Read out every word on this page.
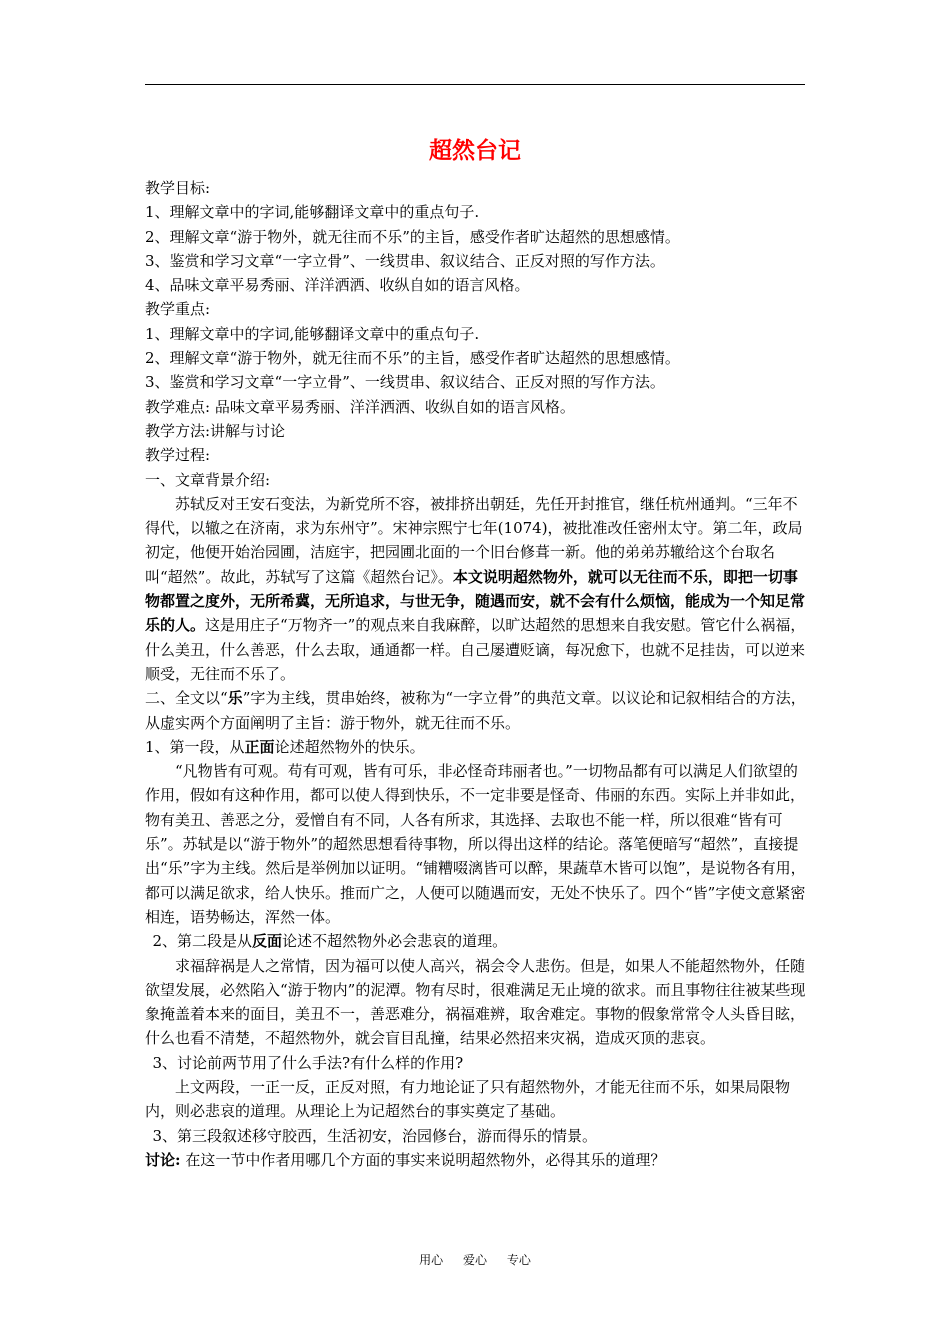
超然台记

教学目标:

1、理解文章中的字词,能够翻译文章中的重点句子.

2、理解文章“游于物外，就无往而不乐”的主旨，感受作者旷达超然的思想感情。

3、鉴赏和学习文章“一字立骨”、一线贯串、叙议结合、正反对照的写作方法。

4、品味文章平易秀丽、洋洋洒洒、收纵自如的语言风格。

教学重点:

1、理解文章中的字词,能够翻译文章中的重点句子.

2、理解文章“游于物外，就无往而不乐”的主旨，感受作者旷达超然的思想感情。

3、鉴赏和学习文章“一字立骨”、一线贯串、叙议结合、正反对照的写作方法。

教学难点: 品味文章平易秀丽、洋洋洒洒、收纵自如的语言风格。

教学方法:讲解与讨论

教学过程:

一、文章背景介绍:

苏轼反对王安石变法，为新党所不容，被排挤出朝廷，先任开封推官，继任杭州通判。“三年不得代，以辙之在济南，求为东州守”。宋神宗熙宁七年(1074)，被批准改任密州太守。第二年，政局初定，他便开始治园圃，洁庭宇，把园圃北面的一个旧台修葺一新。他的弟弟苏辙给这个台取名叫“超然”。故此，苏轼写了这篇《超然台记》。本文说明超然物外，就可以无往而不乐，即把一切事物都置之度外，无所希冀，无所追求，与世无争，随遇而安，就不会有什么烦恼，能成为一个知足常乐的人。这是用庄子“万物齐一”的观点来自我麻醉，以旷达超然的思想来自我安慰。管它什么祸福，什么美丑，什么善恶，什么去取，通通都一样。自己屡遭贬谪，每况愈下，也就不足挂齿，可以逆来顺受，无往而不乐了。

二、全文以“乐”字为主线，贯串始终，被称为“一字立骨”的典范文章。以议论和记叙相结合的方法，从虚实两个方面阐明了主旨：游于物外，就无往而不乐。

1、第一段，从正面论述超然物外的快乐。

“凡物皆有可观。苟有可观，皆有可乐，非必怪奇玮丽者也。”一切物品都有可以满足人们欲望的作用，假如有这种作用，都可以使人得到快乐，不一定非要是怪奇、伟丽的东西。实际上并非如此，物有美丑、善恶之分，爱憎自有不同，人各有所求，其选择、去取也不能一样，所以很难“皆有可乐”。苏轼是以“游于物外”的超然思想看待事物，所以得出这样的结论。落笔便暗写“超然”，直接提出“乐”字为主线。然后是举例加以证明。“铺糟啜漓皆可以醉，果蔬草木皆可以饱”，是说物各有用，都可以满足欲求，给人快乐。推而广之，人便可以随遇而安，无处不快乐了。四个“皆”字使文意紧密相连，语势畅达，浑然一体。

2、第二段是从反面论述不超然物外必会悲哀的道理。

求福辞祸是人之常情，因为福可以使人高兴，祸会令人悲伤。但是，如果人不能超然物外，任随欲望发展，必然陷入“游于物内”的泥潭。物有尽时，很难满足无止境的欲求。而且事物往往被某些现象掩盖着本来的面目，美丑不一，善恶难分，祸福难辨，取舍难定。事物的假象常常令人头昏目眩，什么也看不清楚，不超然物外，就会盲目乱撞，结果必然招来灾祸，造成灭顶的悲哀。

3、讨论前两节用了什么手法?有什么样的作用?

上文两段，一正一反，正反对照，有力地论证了只有超然物外，才能无往而不乐，如果局限物内，则必悲哀的道理。从理论上为记超然台的事实奠定了基础。

3、第三段叙述移守胶西，生活初安，治园修台，游而得乐的情景。

讨论: 在这一节中作者用哪几个方面的事实来说明超然物外，必得其乐的道理？

用心 爱心 专心
